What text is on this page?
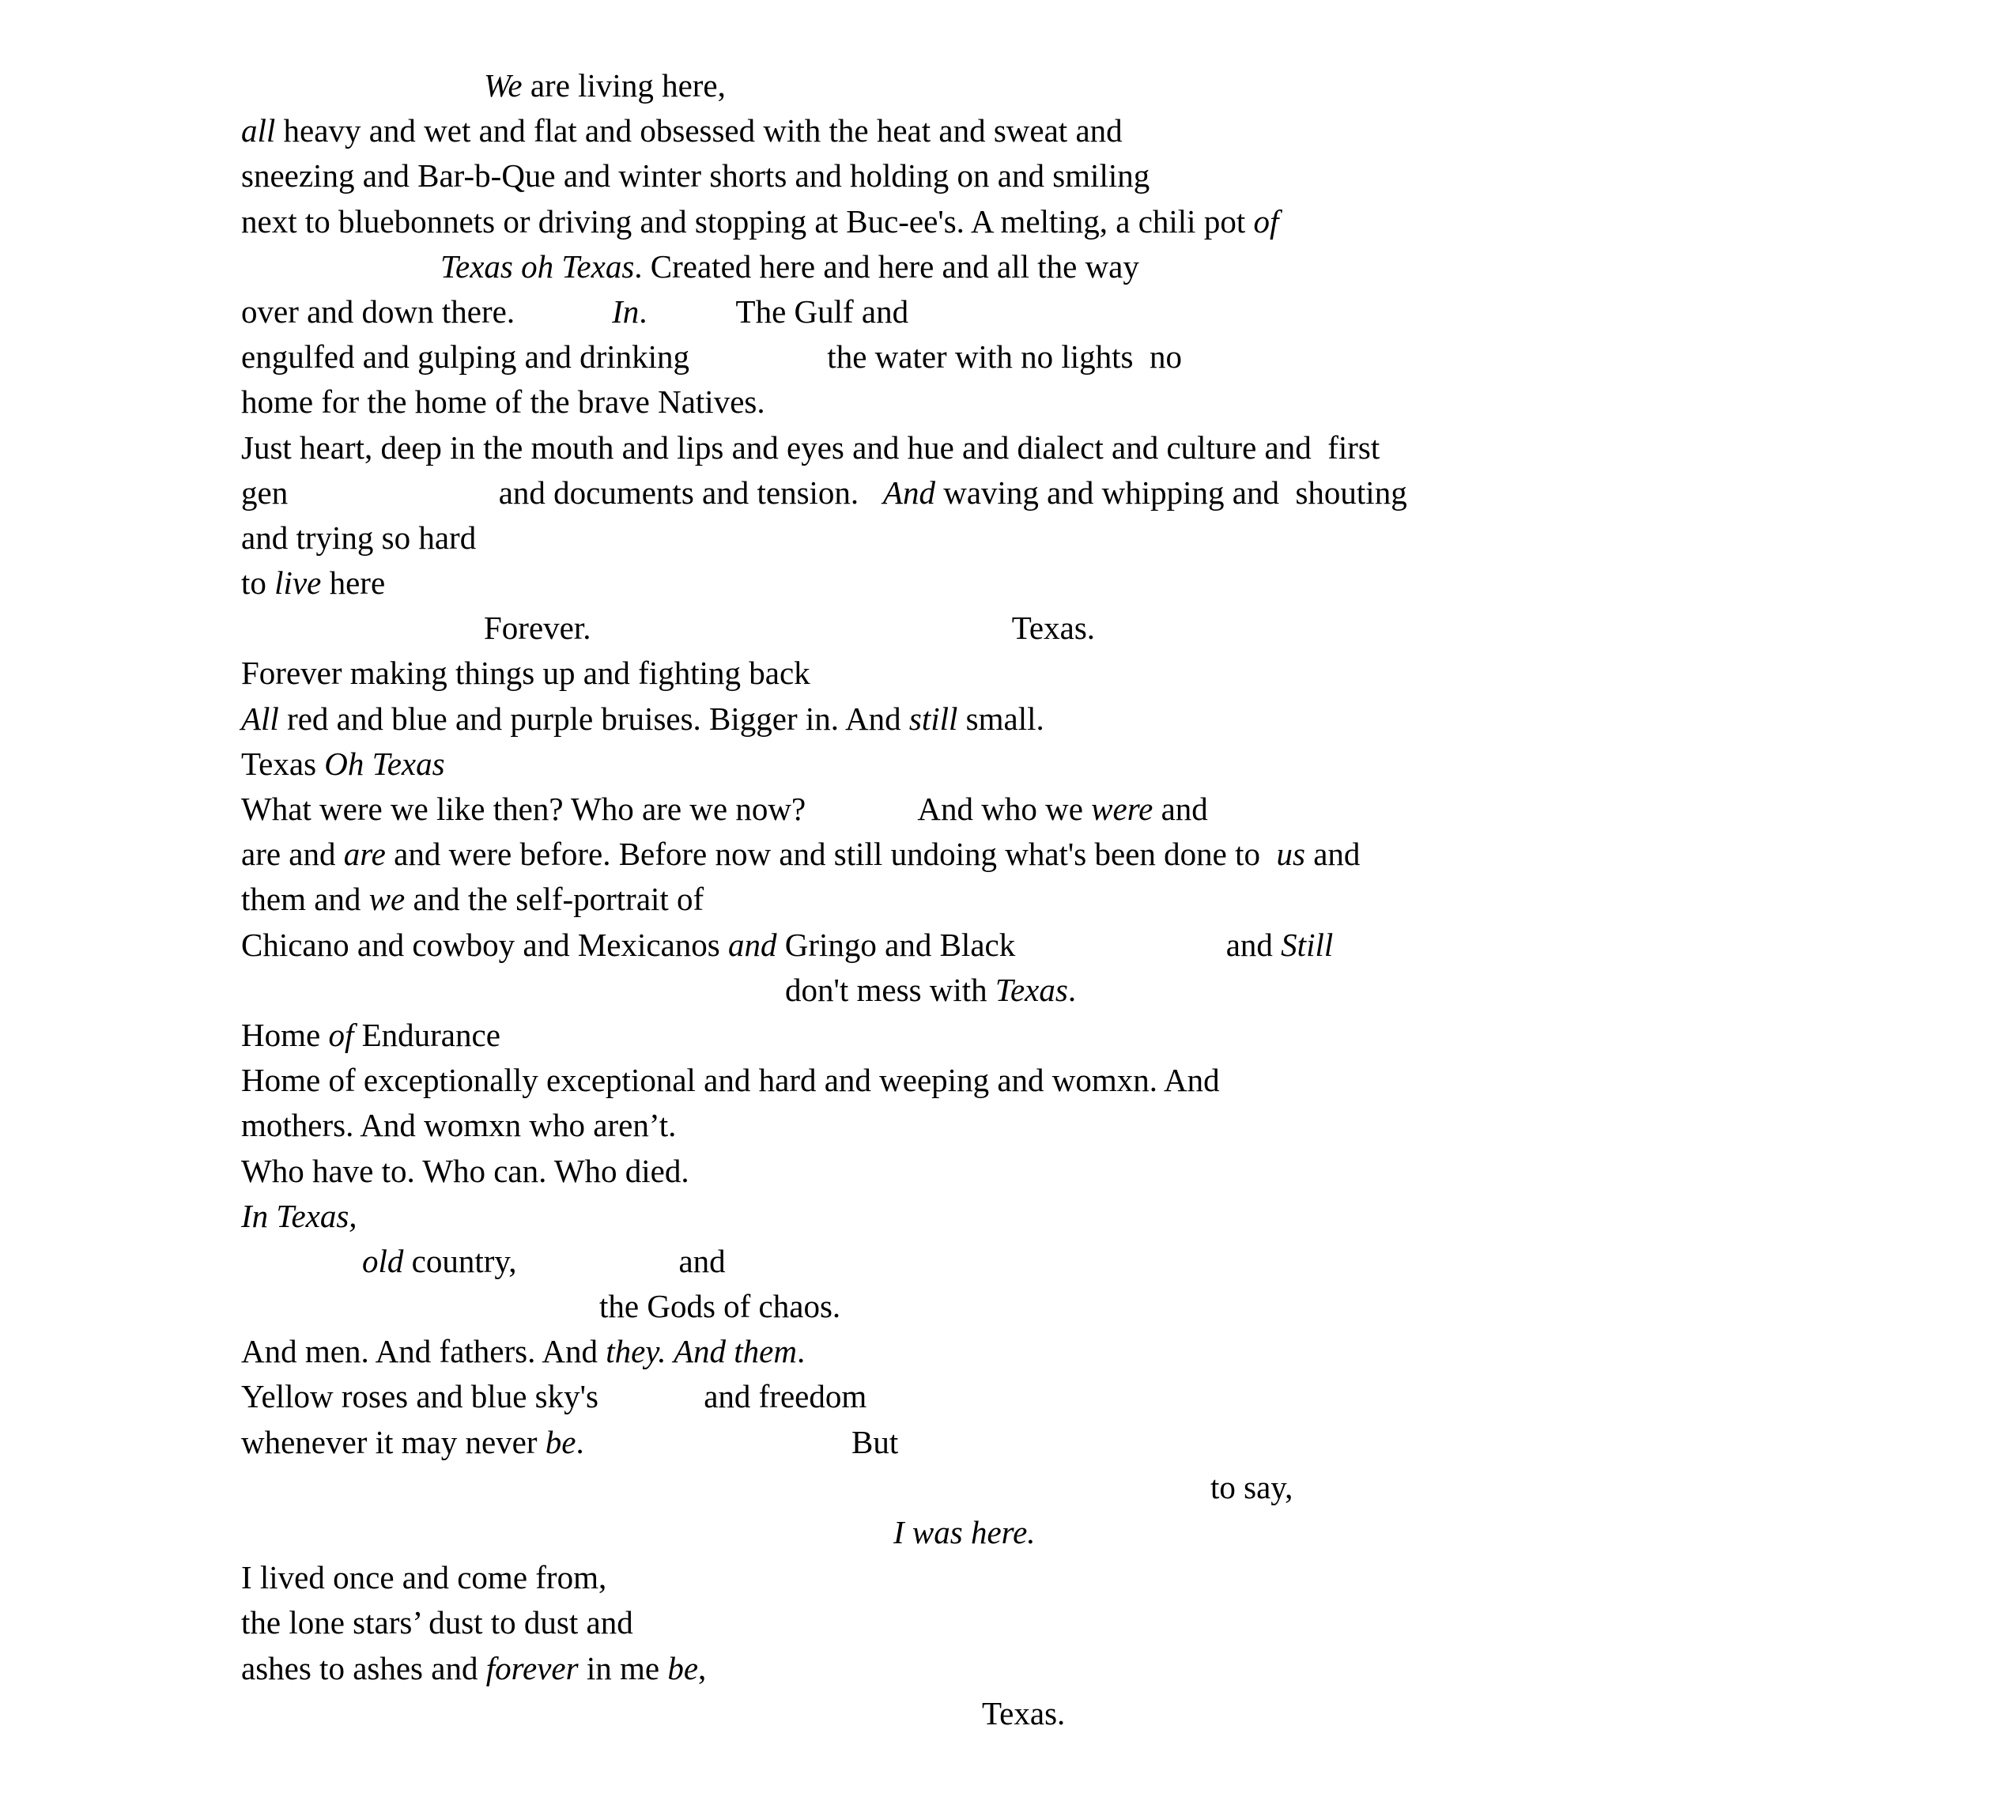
We are living here,
all heavy and wet and flat and obsessed with the heat and sweat and
sneezing and Bar-b-Que and winter shorts and holding on and smiling
next to bluebonnets or driving and stopping at Buc-ee's. A melting, a chili pot of
Texas oh Texas. Created here and here and all the way
over and down there.            In.           The Gulf and
engulfed and gulping and drinking                 the water with no lights  no
home for the home of the brave Natives.
Just heart, deep in the mouth and lips and eyes and hue and dialect and culture and  first
gen                          and documents and tension.   And waving and whipping and  shouting
and trying so hard
to live here
Forever.                                                    Texas.
Forever making things up and fighting back
All red and blue and purple bruises. Bigger in. And still small.
Texas Oh Texas
What were we like then? Who are we now?              And who we were and
are and are and were before. Before now and still undoing what's been done to  us and
them and we and the self-portrait of
Chicano and cowboy and Mexicanos and Gringo and Black                          and Still
don't mess with Texas.
Home of Endurance
Home of exceptionally exceptional and hard and weeping and womxn. And
mothers. And womxn who aren’t.
Who have to. Who can. Who died.
In Texas,
old country,                    and
the Gods of chaos.
And men. And fathers. And they. And them.
Yellow roses and blue sky's             and freedom
whenever it may never be.                                 But
to say,
I was here.
I lived once and come from,
the lone stars’ dust to dust and
ashes to ashes and forever in me be,
Texas.
